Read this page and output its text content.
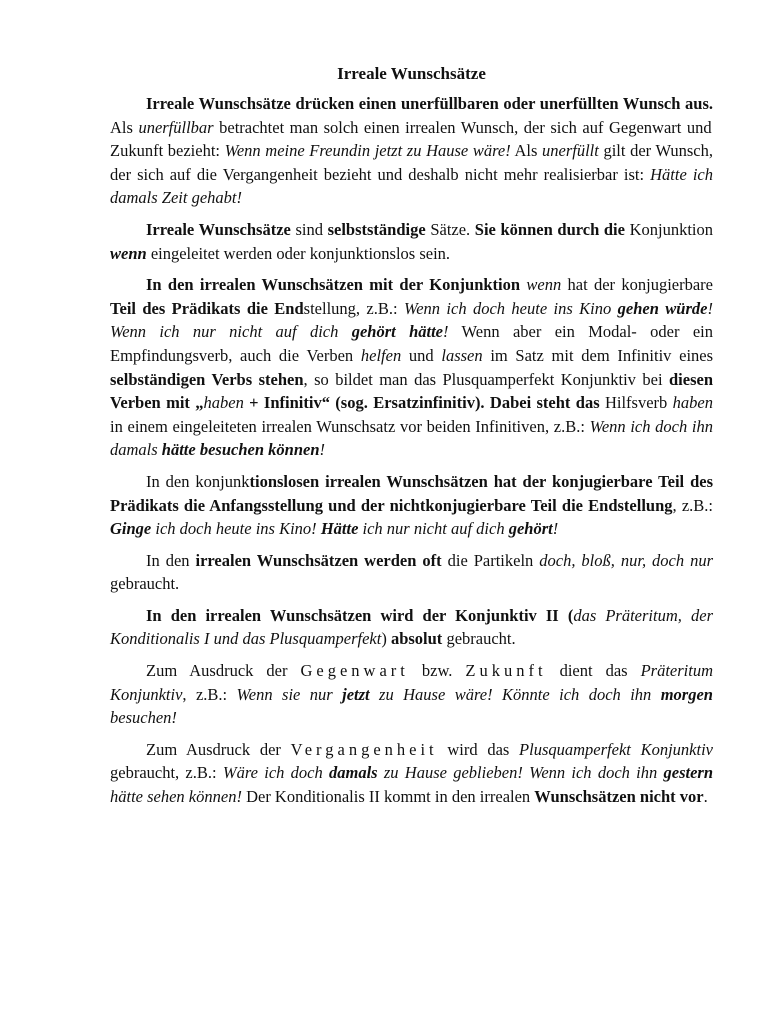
Irreale Wunschsätze

Irreale Wunschsätze drücken einen unerfüllbaren oder unerfüllten Wunsch aus. Als unerfüllbar betrachtet man solch einen irrealen Wunsch, der sich auf Gegenwart und Zukunft bezieht: Wenn meine Freundin jetzt zu Hause wäre! Als unerfüllt gilt der Wunsch, der sich auf die Vergangenheit bezieht und deshalb nicht mehr realisierbar ist: Hätte ich damals Zeit gehabt!

Irreale Wunschsätze sind selbstständige Sätze. Sie können durch die Konjunktion wenn eingeleitet werden oder konjunktionslos sein.

In den irrealen Wunschsätzen mit der Konjunktion wenn hat der konjugierbare Teil des Prädikats die Endstellung, z.B.: Wenn ich doch heute ins Kino gehen würde! Wenn ich nur nicht auf dich gehört hätte! Wenn aber ein Modal- oder ein Empfindungsverb, auch die Verben helfen und lassen im Satz mit dem Infinitiv eines selbständigen Verbs stehen, so bildet man das Plusquamperfekt Konjunktiv bei diesen Verben mit „haben + Infinitiv“ (sog. Ersatzinfinitiv). Dabei steht das Hilfsverb haben in einem eingeleiteten irrealen Wunschsatz vor beiden Infinitiven, z.B.: Wenn ich doch ihn damals hätte besuchen können!

In den konjunktionslosen irrealen Wunschsätzen hat der konjugierbare Teil des Prädikats die Anfangsstellung und der nichtkonjugierbare Teil die Endstellung, z.B.: Ginge ich doch heute ins Kino! Hätte ich nur nicht auf dich gehört!

In den irrealen Wunschsätzen werden oft die Partikeln doch, bloß, nur, doch nur gebraucht.

In den irrealen Wunschsätzen wird der Konjunktiv II (das Präteritum, der Konditionalis I und das Plusquamperfekt) absolut gebraucht.

Zum Ausdruck der Gegenwart bzw. Zukunft dient das Präteritum Konjunktiv, z.B.: Wenn sie nur jetzt zu Hause wäre! Könnte ich doch ihn morgen besuchen!

Zum Ausdruck der Vergangenheit wird das Plusquamperfekt Konjunktiv gebraucht, z.B.: Wäre ich doch damals zu Hause geblieben! Wenn ich doch ihn gestern hätte sehen können! Der Konditionalis II kommt in den irrealen Wunschsätzen nicht vor.
